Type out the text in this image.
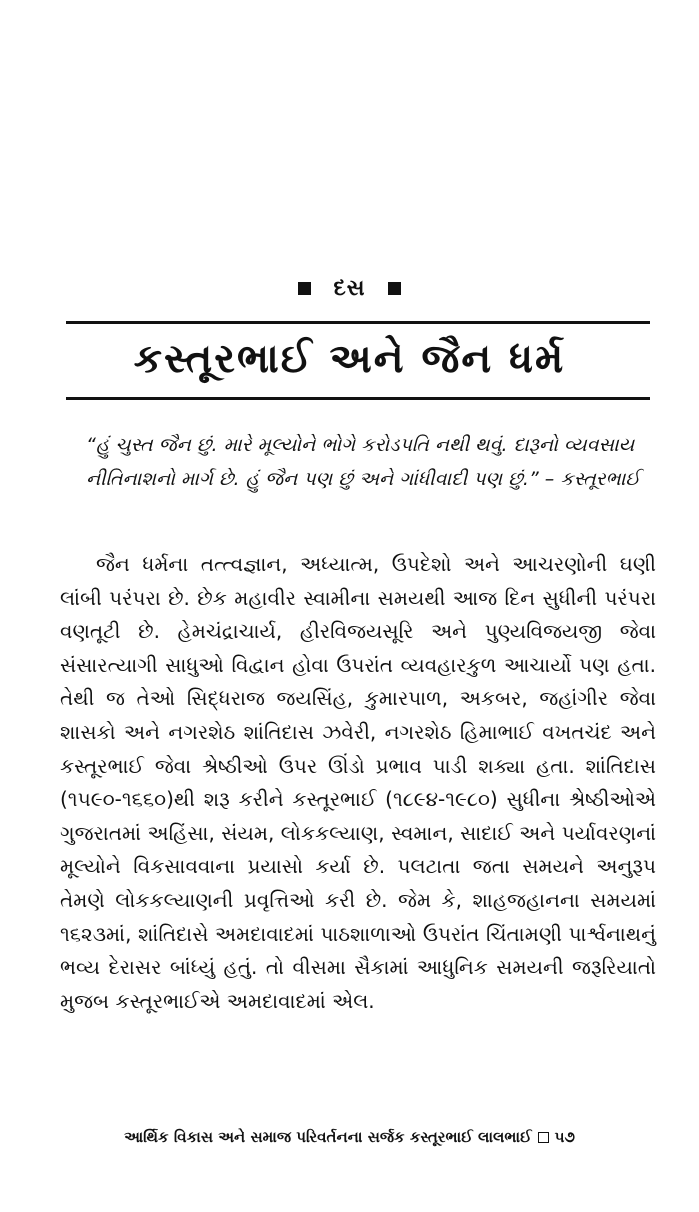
દસ
કસ્તૂરભાઈ અને જૈન ધર્મ

“હું ચુસ્ત જૈન છું. મારે મૂલ્યોને ભોગે કરોડપતિ નથી થવું. દારૂનો વ્યવસાય નીતિનાશનો માર્ગ છે. હું જૈન પણ છું અને ગાંધીવાદી પણ છું.” – કસ્તૂરભાઈ

જૈન ધર્મના તત્ત્વજ્ઞાન, અધ્યાત્મ, ઉપદેશો અને આચરણોની ઘણી લાંબી પરંપરા છે. છેક મહાવીર સ્વામીના સમયથી આજ દિન સુધીની પરંપરા વણતૂટી છે. હેમચંદ્રાચાર્ય, હીરવિજયસૂરિ અને પુણ્યવિજયજી જેવા સંસારત્યાગી સાધુઓ વિદ્વાન હોવા ઉપરાંત વ્યવહારકુળ આચાર્યો પણ હતા. તેથી જ તેઓ સિદ્ધરાજ જયસિંહ, કુમારપાળ, અકબર, જહાંગીર જેવા શાસકો અને નગરશેઠ શાંતિદાસ ઝવેરી, નગરશેઠ હિમાભાઈ વખતચંદ અને કસ્તૂરભાઈ જેવા શ્રેષ્ઠીઓ ઉપર ઊંડો પ્રભાવ પાડી શક્યા હતા. શાંતિદાસ (૧૫૯૦-૧૬૬૦)થી શરૂ કરીને કસ્તૂરભાઈ (૧૮૯૪-૧૯૮૦) સુધીના શ્રેષ્ઠીઓએ ગુજરાતમાં અહિંસા, સંયમ, લોકકલ્યાણ, સ્વમાન, સાદાઈ અને પર્યાવરણનાં મૂલ્યોને વિકસાવવાના પ્રયાસો કર્યા છે. પલટાતા જતા સમયને અનુરૂપ તેમણે લોકકલ્યાણની પ્રવૃત્તિઓ કરી છે. જેમ કે, શાહજહાનના સમયમાં ૧૬૨૩માં, શાંતિદાસે અમદાવાદમાં પાઠશાળાઓ ઉપરાંત ચિંતામણી પાર્શ્વનાથનું ભવ્ય દેરાસર બાંધ્યું હતું. તો વીસમા સૈકામાં આધુનિક સમયની જરૂરિયાતો મુજબ કસ્તૂરભાઈએ અમદાવાદમાં એલ.

આર્થિક વિકાસ અને સમાજ પરિવર્તનના સર્જક કસ્તૂરભાઈ લાલભાઈ ૫૭
